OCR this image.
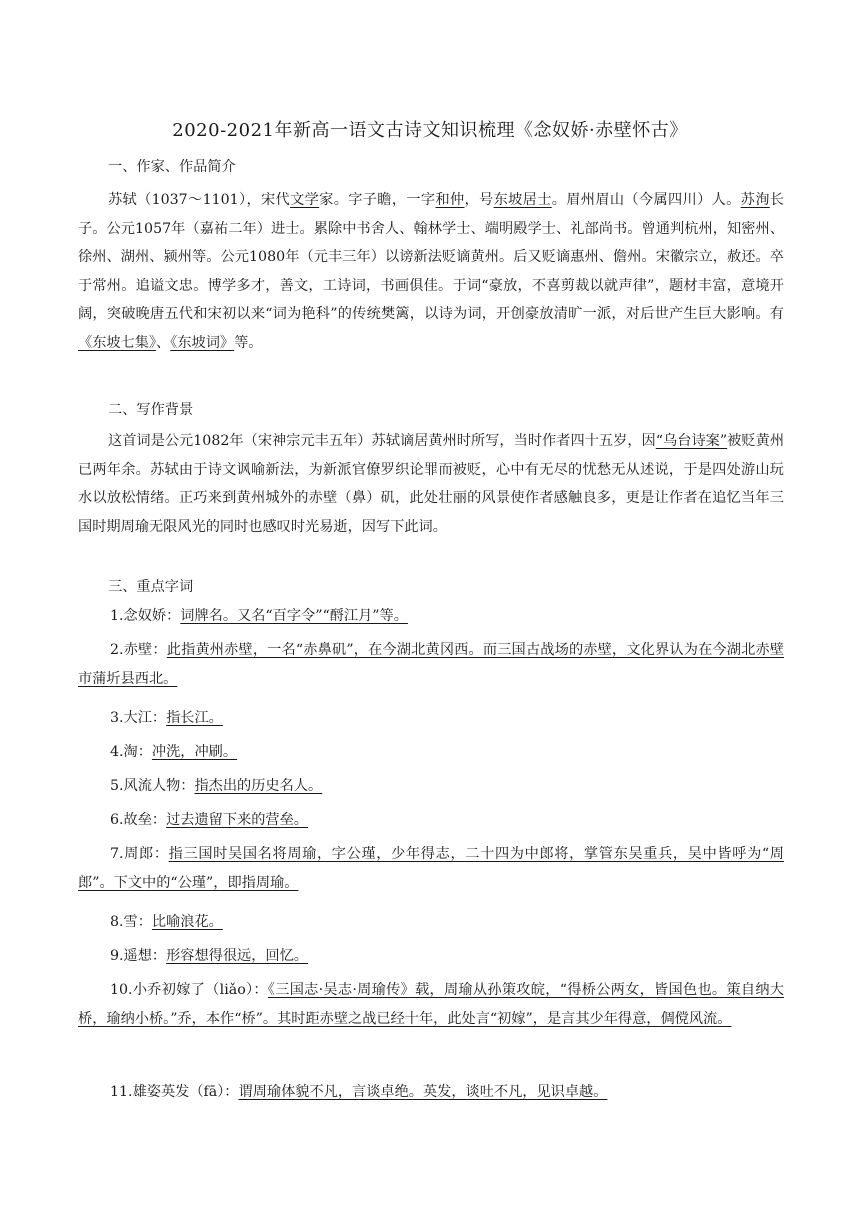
2020-2021年新高一语文古诗文知识梳理《念奴娇·赤壁怀古》
一、作家、作品简介
苏轼（1037～1101），宋代文学家。字子瞻，一字和仲，号东坡居士。眉州眉山（今属四川）人。苏洵长子。公元1057年（嘉祐二年）进士。累除中书舍人、翰林学士、端明殿学士、礼部尚书。曾通判杭州，知密州、徐州、湖州、颍州等。公元1080年（元丰三年）以谤新法贬谪黄州。后又贬谪惠州、儋州。宋徽宗立，赦还。卒于常州。追谥文忠。博学多才，善文，工诗词，书画俱佳。于词“豪放，不喜剪裁以就声律”，题材丰富，意境开阔，突破晚唐五代和宋初以来“词为艳科”的传统樊篱，以诗为词，开创豪放清旷一派，对后世产生巨大影响。有《东坡七集》、《东坡词》等。
二、写作背景
这首词是公元1082年（宋神宗元丰五年）苏轼谪居黄州时所写，当时作者四十五岁，因“乌台诗案”被贬黄州已两年余。苏轼由于诗文讽喻新法，为新派官僚罗织论罪而被贬，心中有无尽的忧愁无从述说，于是四处游山玩水以放松情绪。正巧来到黄州城外的赤壁（鼻）矶，此处壮丽的风景使作者感触良多，更是让作者在追忆当年三国时期周瑜无限风光的同时也感叹时光易逝，因写下此词。
三、重点字词
1.念奴娇：词牌名。又名“百字令”“酹江月”等。
2.赤壁：此指黄州赤壁，一名“赤鼻矶”，在今湖北黄冈西。而三国古战场的赤壁，文化界认为在今湖北赤壁市蒲圻县西北。
3.大江：指长江。
4.淘：冲洗，冲刷。
5.风流人物：指杰出的历史名人。
6.故垒：过去遗留下来的营垒。
7.周郎：指三国时吴国名将周瑜，字公瑾，少年得志，二十四为中郎将，掌管东吴重兵，吴中皆呼为“周郎”。下文中的“公瑾”，即指周瑜。
8.雪：比喻浪花。
9.遥想：形容想得很远，回忆。
10.小乔初嫁了（liǎo）：《三国志·吴志·周瑜传》载，周瑜从孙策攻皖，“得桥公两女，皆国色也。策自纳大桥，瑜纳小桥。”乔，本作“桥”。其时距赤壁之战已经十年，此处言“初嫁”，是言其少年得意，倜傥风流。
11.雄姿英发（fā）：谓周瑜体貌不凡，言谈卓绝。英发，谈吐不凡，见识卓越。
